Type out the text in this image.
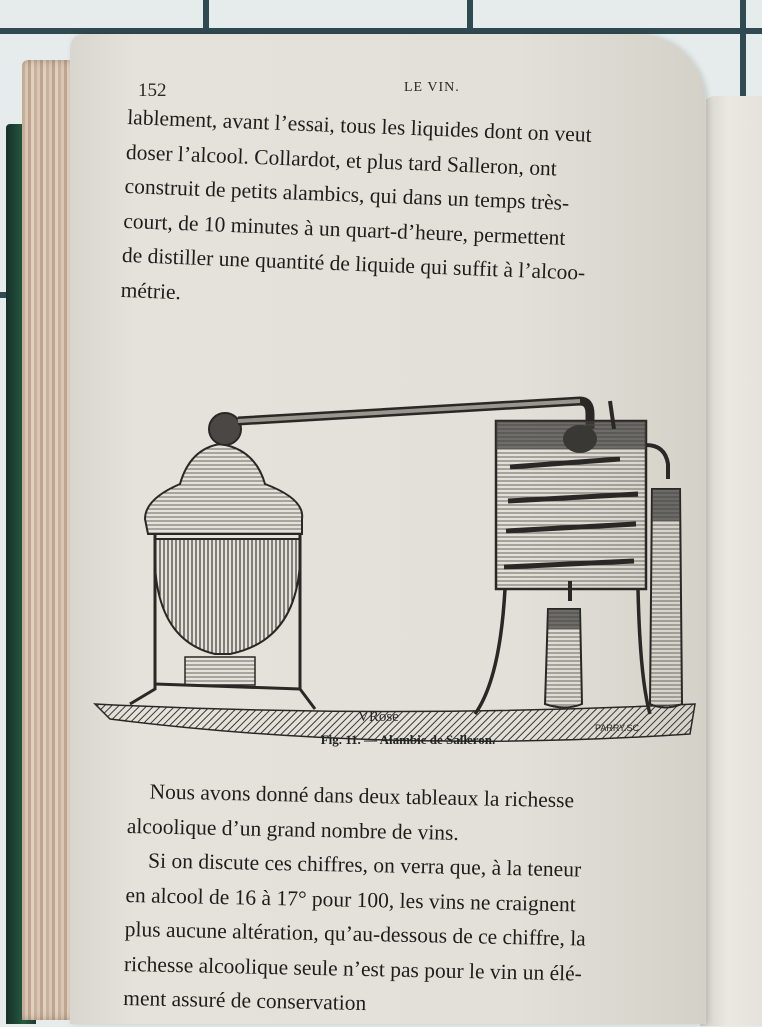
152	LE VIN.
lablement, avant l’essai, tous les liquides dont on veut
doser l’alcool. Collardot, et plus tard Salleron, ont
construit de petits alambics, qui dans un temps très-
court, de 10 minutes à un quart-d’heure, permettent
de distiller une quantité de liquide qui suffit à l’alcoo-
métrie.
VRose
PARRY.SC
Fig. 11. — Alambic de Salleron.
Nous avons donné dans deux tableaux la richesse
alcoolique d’un grand nombre de vins.
Si on discute ces chiffres, on verra que, à la teneur
en alcool de 16 à 17° pour 100, les vins ne craignent
plus aucune altération, qu’au-dessous de ce chiffre, la
richesse alcoolique seule n’est pas pour le vin un élé-
ment assuré de conservation
